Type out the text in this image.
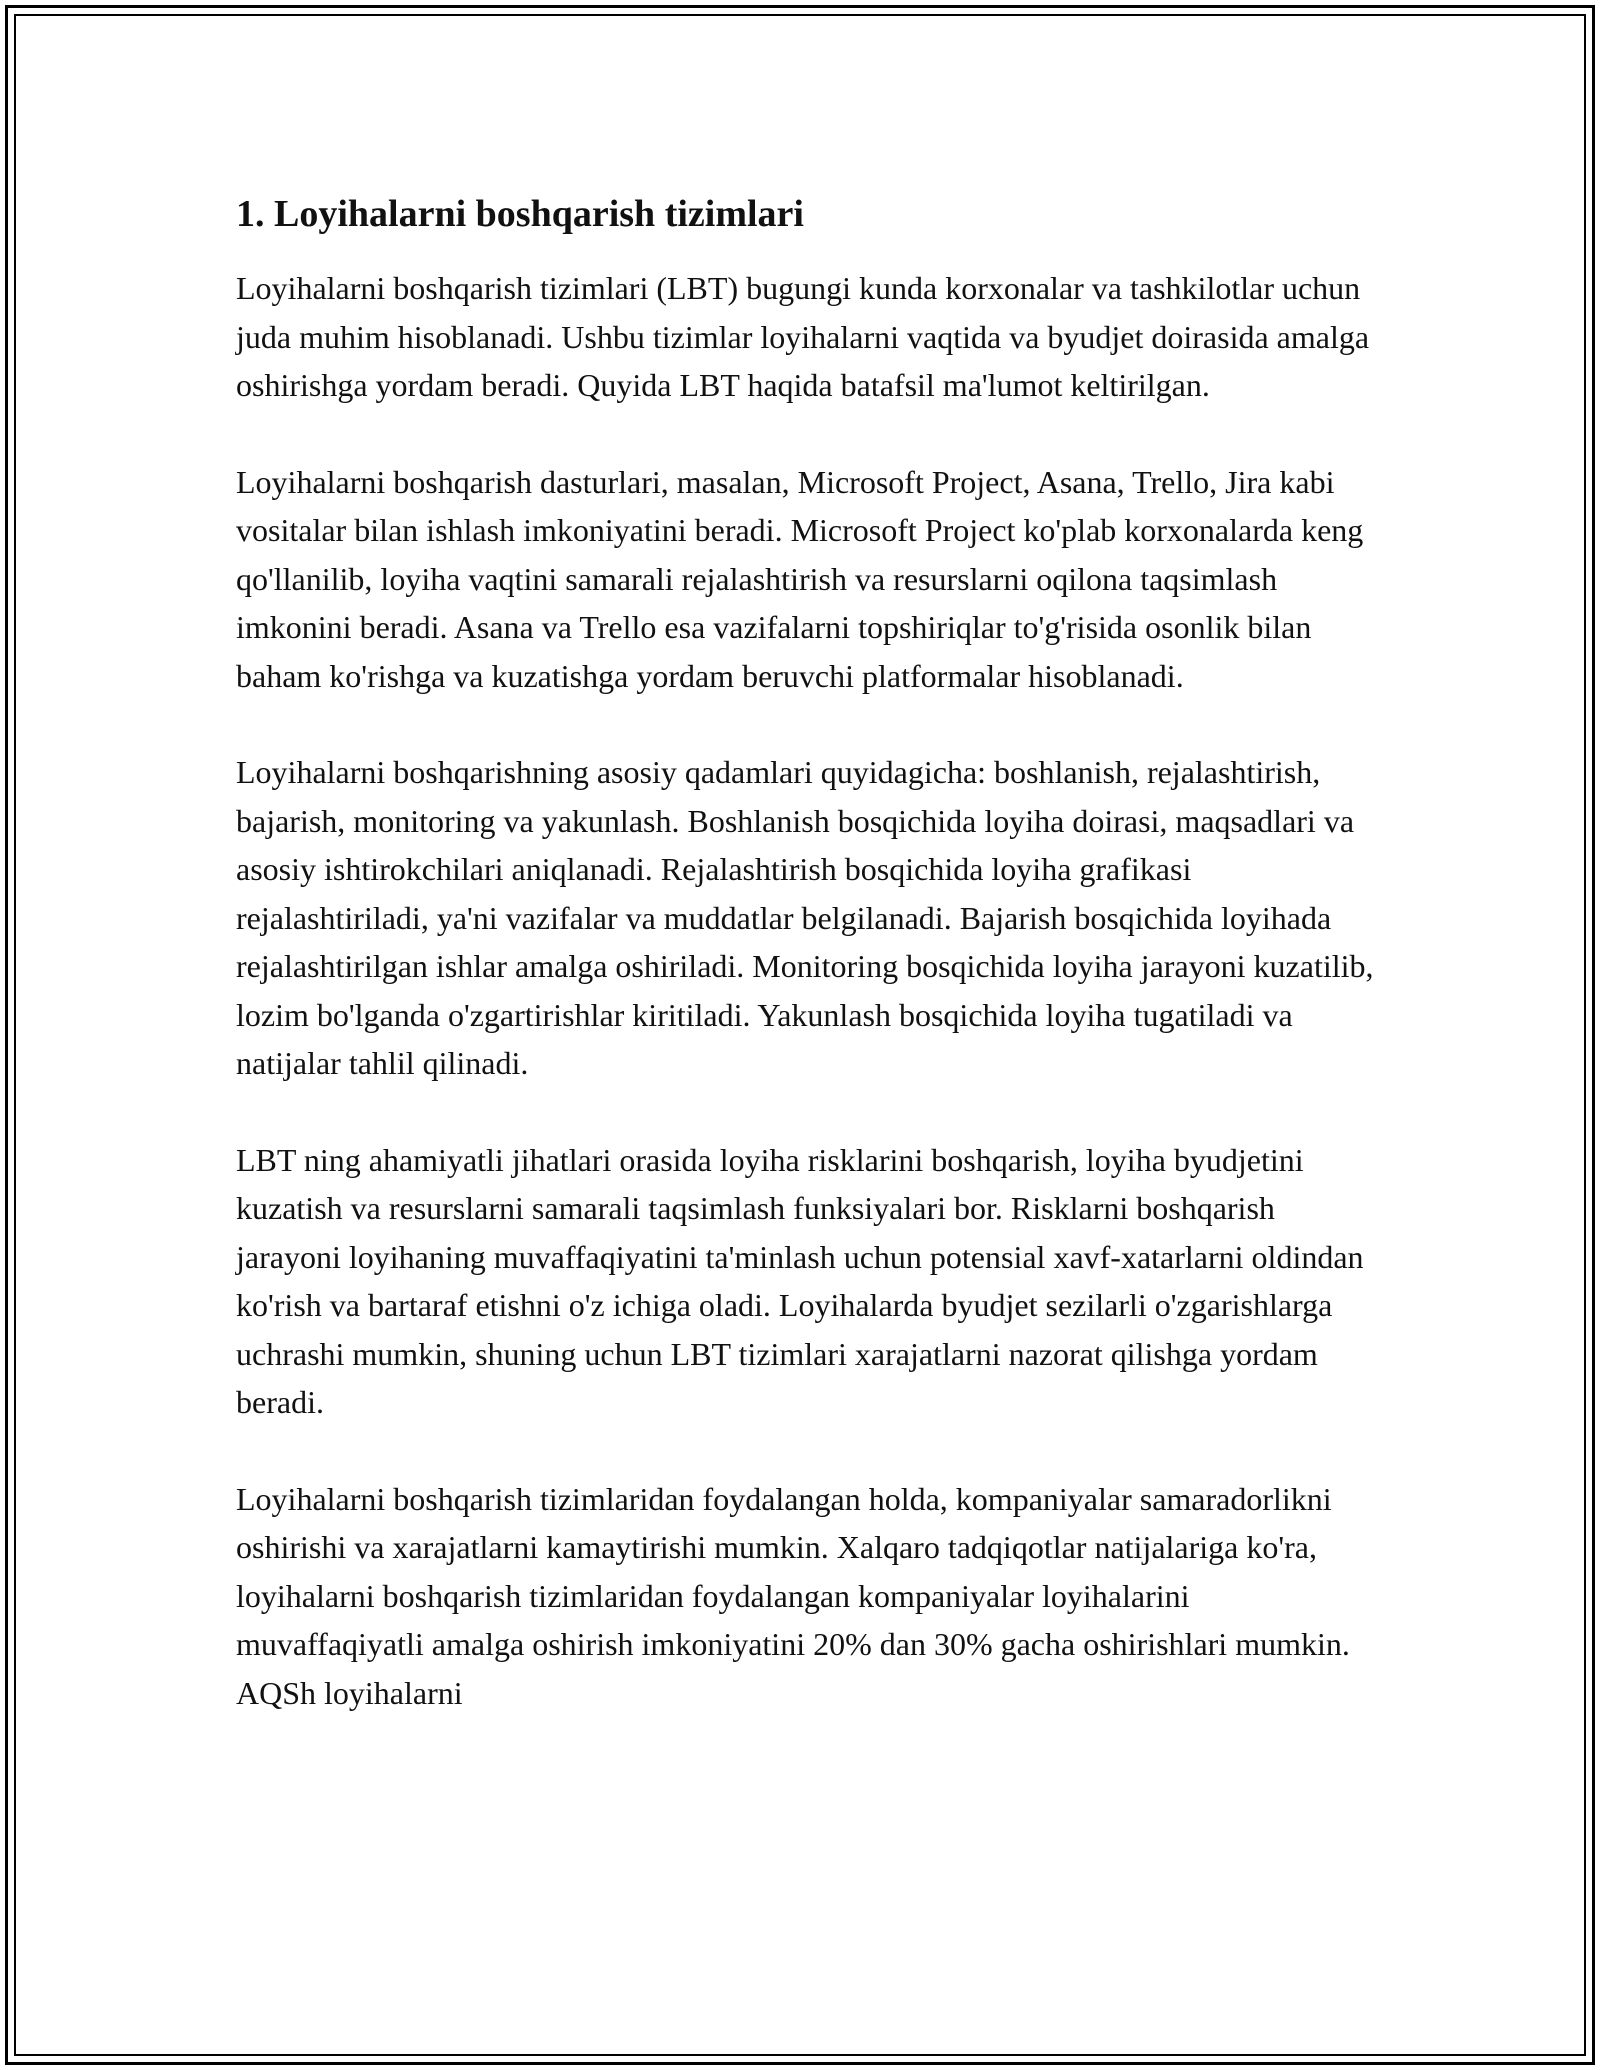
1. Loyihalarni boshqarish tizimlari

Loyihalarni boshqarish tizimlari (LBT) bugungi kunda korxonalar va tashkilotlar uchun juda muhim hisoblanadi. Ushbu tizimlar loyihalarni vaqtida va byudjet doirasida amalga oshirishga yordam beradi. Quyida LBT haqida batafsil ma'lumot keltirilgan.

Loyihalarni boshqarish dasturlari, masalan, Microsoft Project, Asana, Trello, Jira kabi vositalar bilan ishlash imkoniyatini beradi. Microsoft Project ko'plab korxonalarda keng qo'llanilib, loyiha vaqtini samarali rejalashtirish va resurslarni oqilona taqsimlash imkonini beradi. Asana va Trello esa vazifalarni topshiriqlar to'g'risida osonlik bilan baham ko'rishga va kuzatishga yordam beruvchi platformalar hisoblanadi.

Loyihalarni boshqarishning asosiy qadamlari quyidagicha: boshlanish, rejalashtirish, bajarish, monitoring va yakunlash. Boshlanish bosqichida loyiha doirasi, maqsadlari va asosiy ishtirokchilari aniqlanadi. Rejalashtirish bosqichida loyiha grafikasi rejalashtiriladi, ya'ni vazifalar va muddatlar belgilanadi. Bajarish bosqichida loyihada rejalashtirilgan ishlar amalga oshiriladi. Monitoring bosqichida loyiha jarayoni kuzatilib, lozim bo'lganda o'zgartirishlar kiritiladi. Yakunlash bosqichida loyiha tugatiladi va natijalar tahlil qilinadi.

LBT ning ahamiyatli jihatlari orasida loyiha risklarini boshqarish, loyiha byudjetini kuzatish va resurslarni samarali taqsimlash funksiyalari bor. Risklarni boshqarish jarayoni loyihaning muvaffaqiyatini ta'minlash uchun potensial xavf-xatarlarni oldindan ko'rish va bartaraf etishni o'z ichiga oladi. Loyihalarda byudjet sezilarli o'zgarishlarga uchrashi mumkin, shuning uchun LBT tizimlari xarajatlarni nazorat qilishga yordam beradi.

Loyihalarni boshqarish tizimlaridan foydalangan holda, kompaniyalar samaradorlikni oshirishi va xarajatlarni kamaytirishi mumkin. Xalqaro tadqiqotlar natijalariga ko'ra, loyihalarni boshqarish tizimlaridan foydalangan kompaniyalar loyihalarini muvaffaqiyatli amalga oshirish imkoniyatini 20% dan 30% gacha oshirishlari mumkin. AQSh loyihalarni
